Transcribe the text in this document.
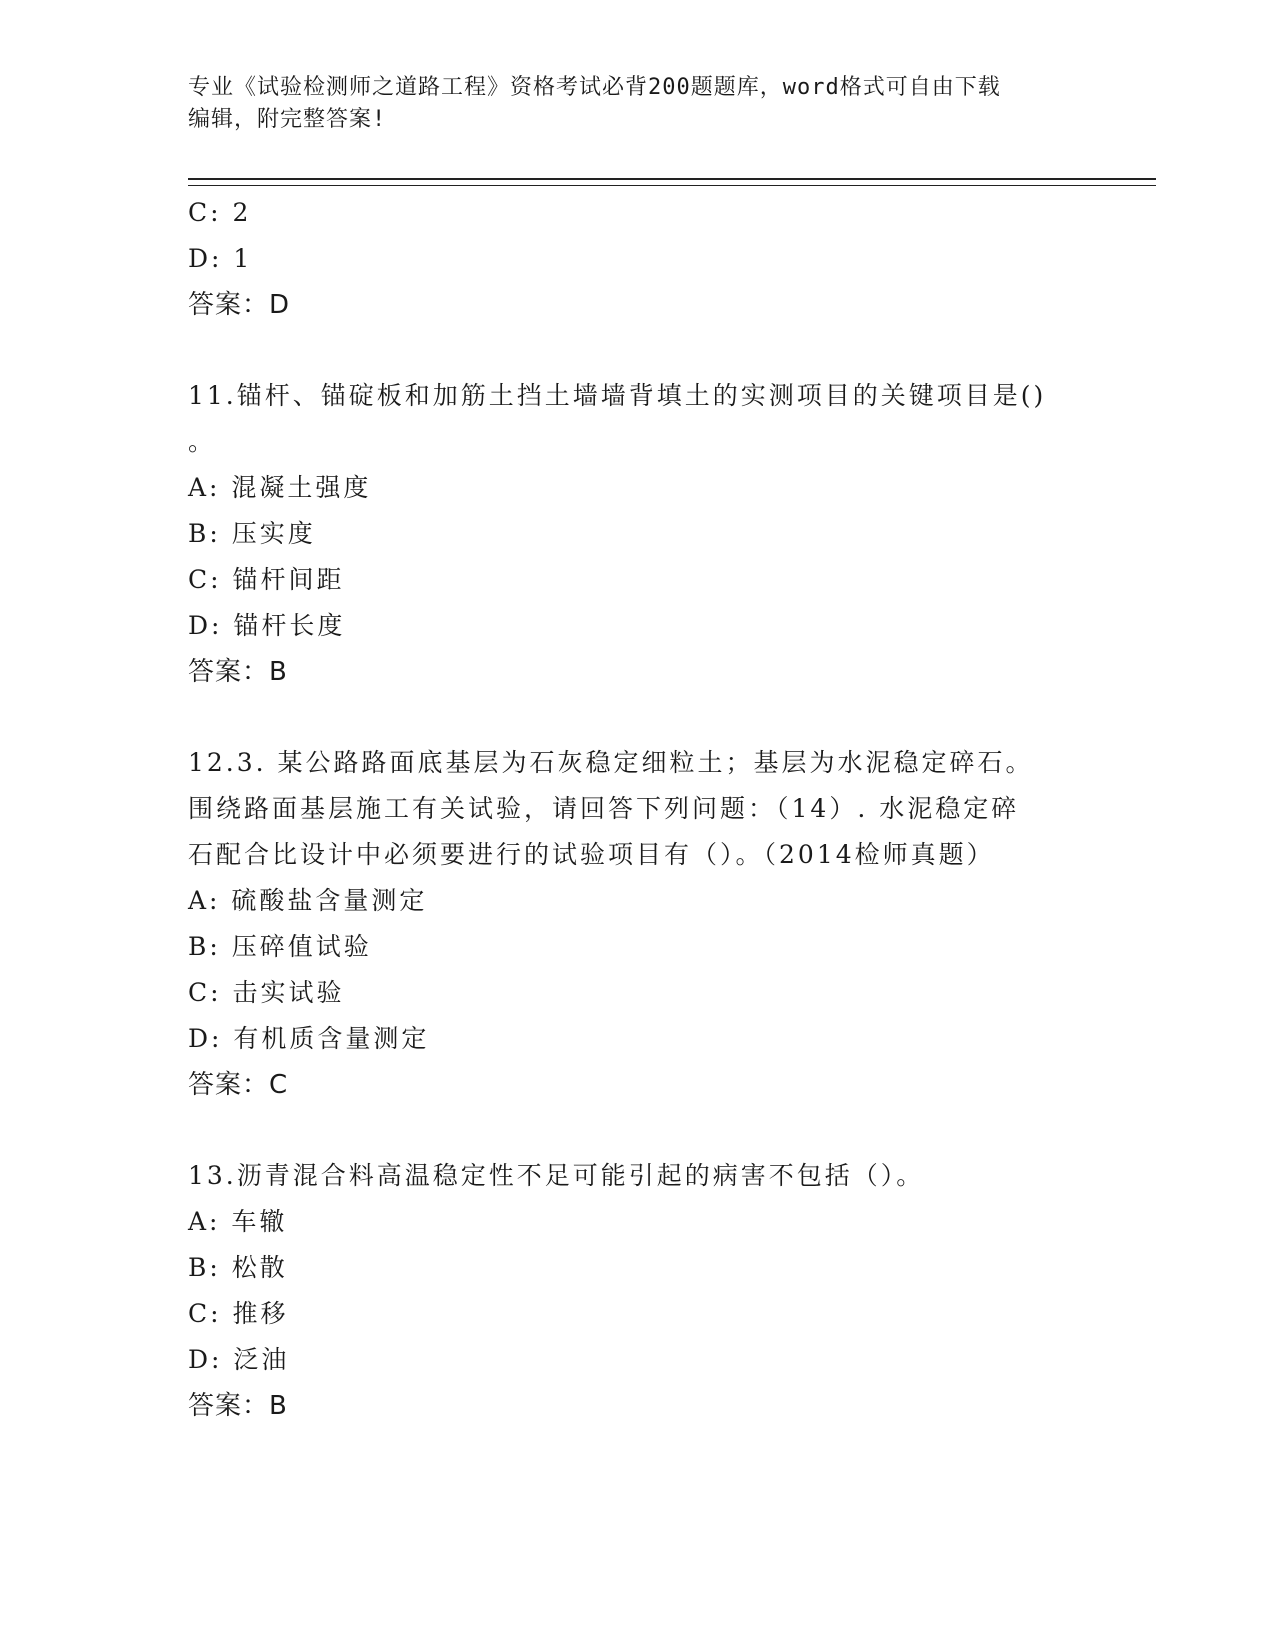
专业《试验检测师之道路工程》资格考试必背200题题库，word格式可自由下载
编辑，附完整答案!
C: 2
D: 1
答案：D
11.锚杆、锚碇板和加筋土挡土墙墙背填土的实测项目的关键项目是()
。
A: 混凝土强度
B: 压实度
C: 锚杆间距
D: 锚杆长度
答案：B
12.3. 某公路路面底基层为石灰稳定细粒土；基层为水泥稳定碎石。
围绕路面基层施工有关试验，请回答下列问题：（14）. 水泥稳定碎
石配合比设计中必须要进行的试验项目有（）。（2014检师真题）
A: 硫酸盐含量测定
B: 压碎值试验
C: 击实试验
D: 有机质含量测定
答案：C
13.沥青混合料高温稳定性不足可能引起的病害不包括（）。
A: 车辙
B: 松散
C: 推移
D: 泛油
答案：B
